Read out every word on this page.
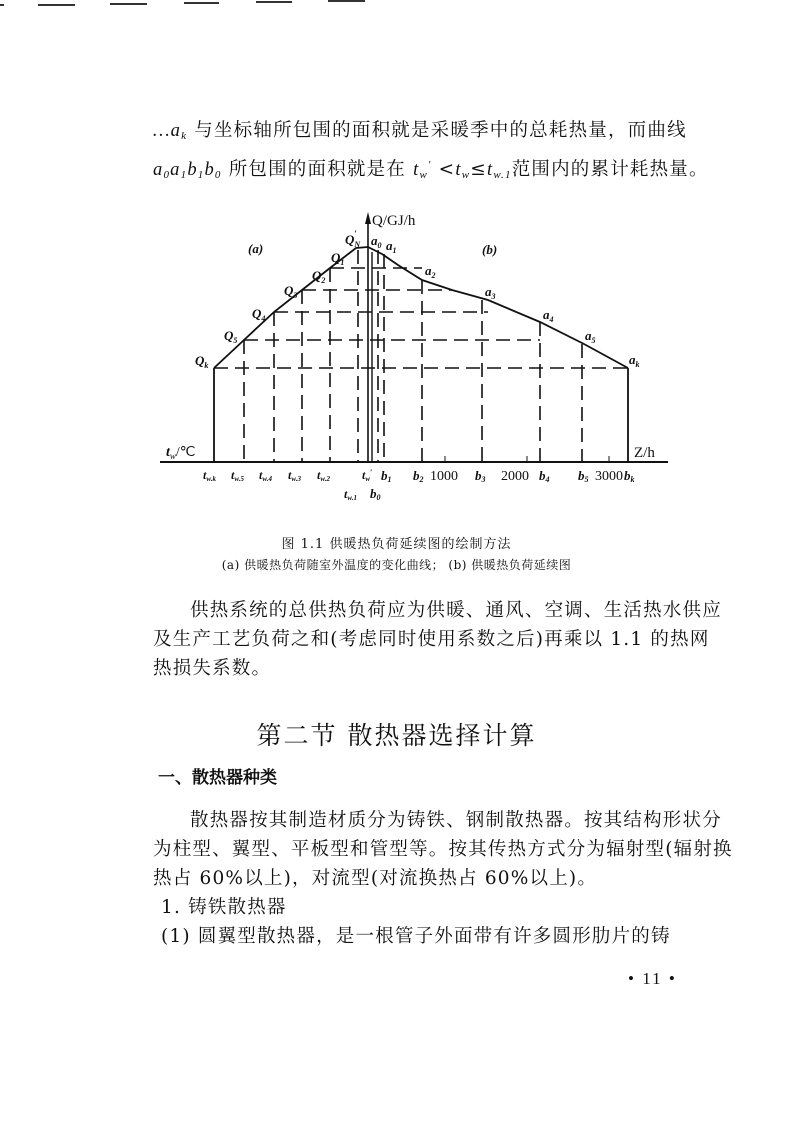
$\dots a_k$ 与坐标轴所包围的面积就是采暖季中的总耗热量，而曲线
$a_0a_1b_1b_0$ 所包围的面积就是在 $t_w' <t_w\le t_{w.1}$范围内的累计耗热量。
Q/GJ/h
(a)	(b)
$Q_N'$
$Q_1$
$Q_2$
$Q_3$
$Q_4$
$Q_5$
$Q_k$
$a_0$ $a_1$
$a_2$
$a_3$
$a_4$
$a_5$
$a_k$
$t_w/℃$	Z/h
tw.k tw.5 tw.4 tw.3 tw.2	tw′ b1
tw.1 b0
b2	b3	b4 b5	bk
1000	2000	3000
图 1.1 供暖热负荷延续图的绘制方法
(a) 供暖热负荷随室外温度的变化曲线； (b) 供暖热负荷延续图
供热系统的总供热负荷应为供暖、通风、空调、生活热水供应
及生产工艺负荷之和(考虑同时使用系数之后)再乘以 1.1 的热网
热损失系数。
第二节 散热器选择计算
一、散热器种类
散热器按其制造材质分为铸铁、钢制散热器。按其结构形状分
为柱型、翼型、平板型和管型等。按其传热方式分为辐射型(辐射换
热占 60%以上)，对流型(对流换热占 60%以上)。
1. 铸铁散热器
(1) 圆翼型散热器，是一根管子外面带有许多圆形肋片的铸
• 11 •
